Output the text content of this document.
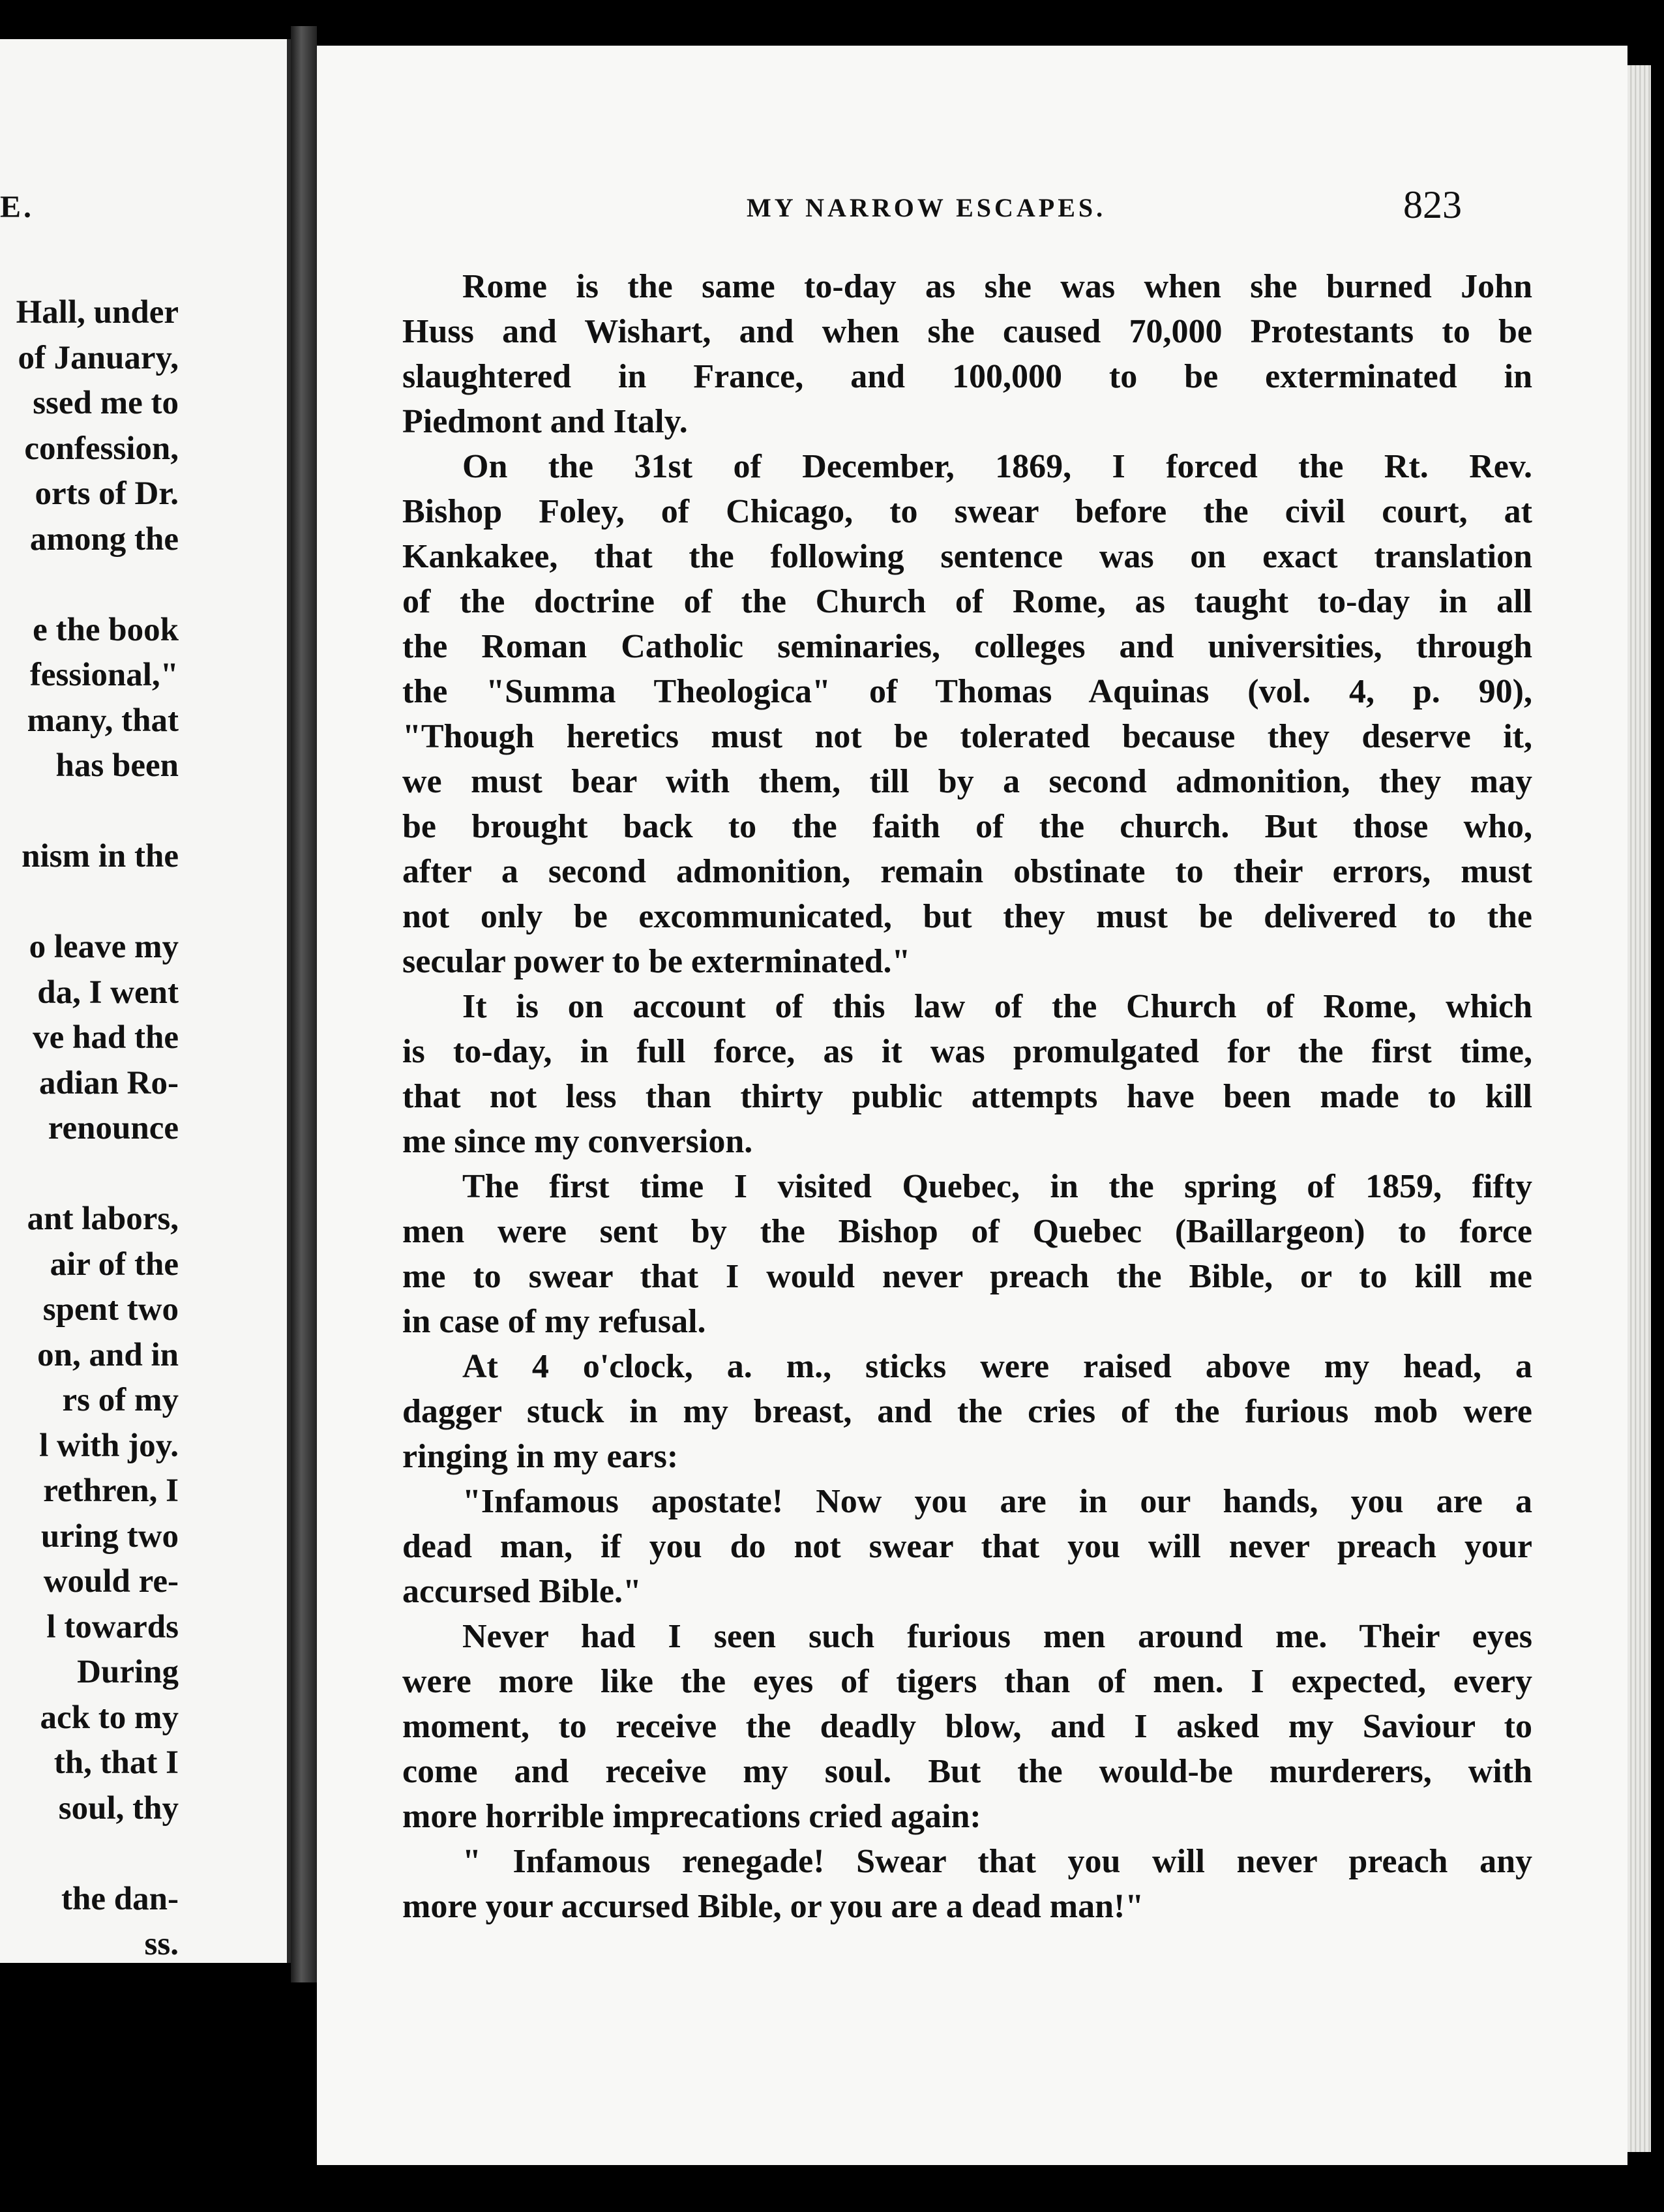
E.
Hall, under
of January,
ssed me to
confession,
orts of Dr.
among the
e the book
fessional,"
many, that
has been
nism in the
o leave my
da, I went
ve had the
adian Ro-
renounce
ant labors,
air of the
spent two
on, and in
rs of my
l with joy.
rethren, I
uring two
would re-
l towards
During
ack to my
th, that I
soul, thy
the dan-
ss.
MY NARROW ESCAPES.	823
Rome is the same to-day as she was when she burned John
Huss and Wishart, and when she caused 70,000 Protestants to be
slaughtered in France, and 100,000 to be exterminated in
Piedmont and Italy.
On the 31st of December, 1869, I forced the Rt. Rev.
Bishop Foley, of Chicago, to swear before the civil court, at
Kankakee, that the following sentence was on exact translation
of the doctrine of the Church of Rome, as taught to-day in all
the Roman Catholic seminaries, colleges and universities, through
the "Summa Theologica" of Thomas Aquinas (vol. 4, p. 90),
"Though heretics must not be tolerated because they deserve it,
we must bear with them, till by a second admonition, they may
be brought back to the faith of the church. But those who,
after a second admonition, remain obstinate to their errors, must
not only be excommunicated, but they must be delivered to the
secular power to be exterminated."
It is on account of this law of the Church of Rome, which
is to-day, in full force, as it was promulgated for the first time,
that not less than thirty public attempts have been made to kill
me since my conversion.
The first time I visited Quebec, in the spring of 1859, fifty
men were sent by the Bishop of Quebec (Baillargeon) to force
me to swear that I would never preach the Bible, or to kill me
in case of my refusal.
At 4 o'clock, a. m., sticks were raised above my head, a
dagger stuck in my breast, and the cries of the furious mob were
ringing in my ears:
"Infamous apostate! Now you are in our hands, you are a
dead man, if you do not swear that you will never preach your
accursed Bible."
Never had I seen such furious men around me. Their eyes
were more like the eyes of tigers than of men. I expected, every
moment, to receive the deadly blow, and I asked my Saviour to
come and receive my soul. But the would-be murderers, with
more horrible imprecations cried again:
" Infamous renegade! Swear that you will never preach any
more your accursed Bible, or you are a dead man!"
